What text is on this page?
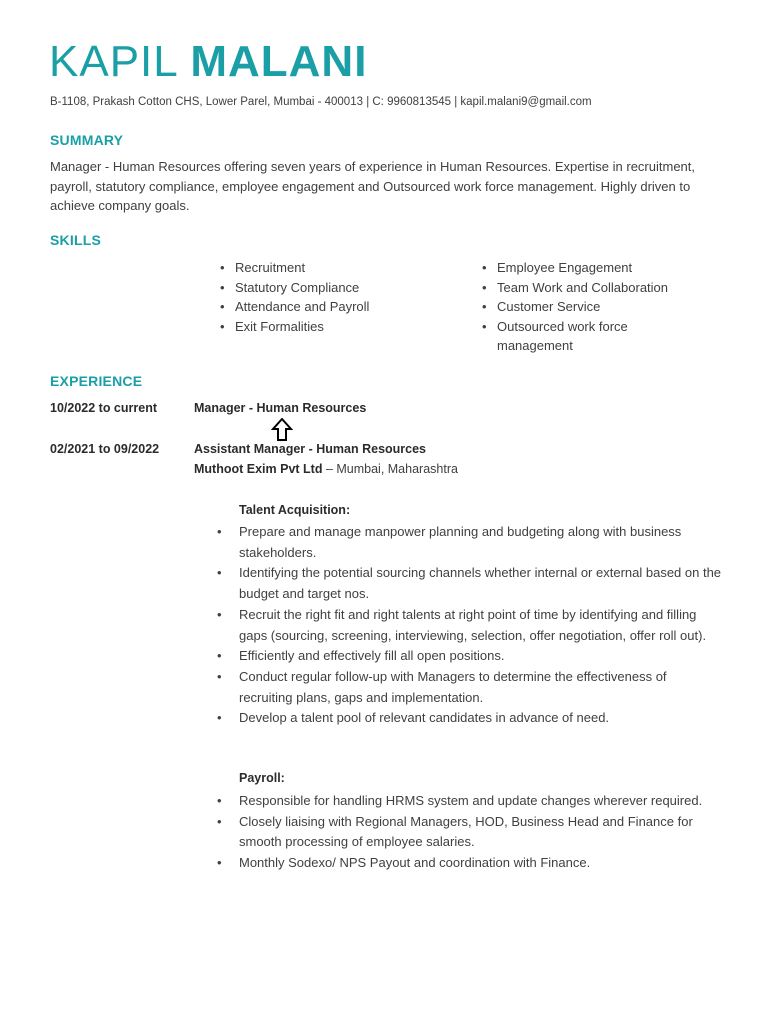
KAPIL MALANI
B-1108, Prakash Cotton CHS, Lower Parel, Mumbai - 400013 | C: 9960813545 | kapil.malani9@gmail.com
SUMMARY
Manager - Human Resources offering seven years of experience in Human Resources. Expertise in recruitment, payroll, statutory compliance, employee engagement and Outsourced work force management. Highly driven to achieve company goals.
SKILLS
• Recruitment
• Statutory Compliance
• Attendance and Payroll
• Exit Formalities
• Employee Engagement
• Team Work and Collaboration
• Customer Service
• Outsourced work force management
EXPERIENCE
10/2022 to current	Manager - Human Resources
02/2021 to 09/2022	Assistant Manager - Human Resources
Muthoot Exim Pvt Ltd – Mumbai, Maharashtra
Talent Acquisition:
• Prepare and manage manpower planning and budgeting along with business stakeholders.
• Identifying the potential sourcing channels whether internal or external based on the budget and target nos.
• Recruit the right fit and right talents at right point of time by identifying and filling gaps (sourcing, screening, interviewing, selection, offer negotiation, offer roll out).
• Efficiently and effectively fill all open positions.
• Conduct regular follow-up with Managers to determine the effectiveness of recruiting plans, gaps and implementation.
• Develop a talent pool of relevant candidates in advance of need.
Payroll:
• Responsible for handling HRMS system and update changes wherever required.
• Closely liaising with Regional Managers, HOD, Business Head and Finance for smooth processing of employee salaries.
• Monthly Sodexo/ NPS Payout and coordination with Finance.
